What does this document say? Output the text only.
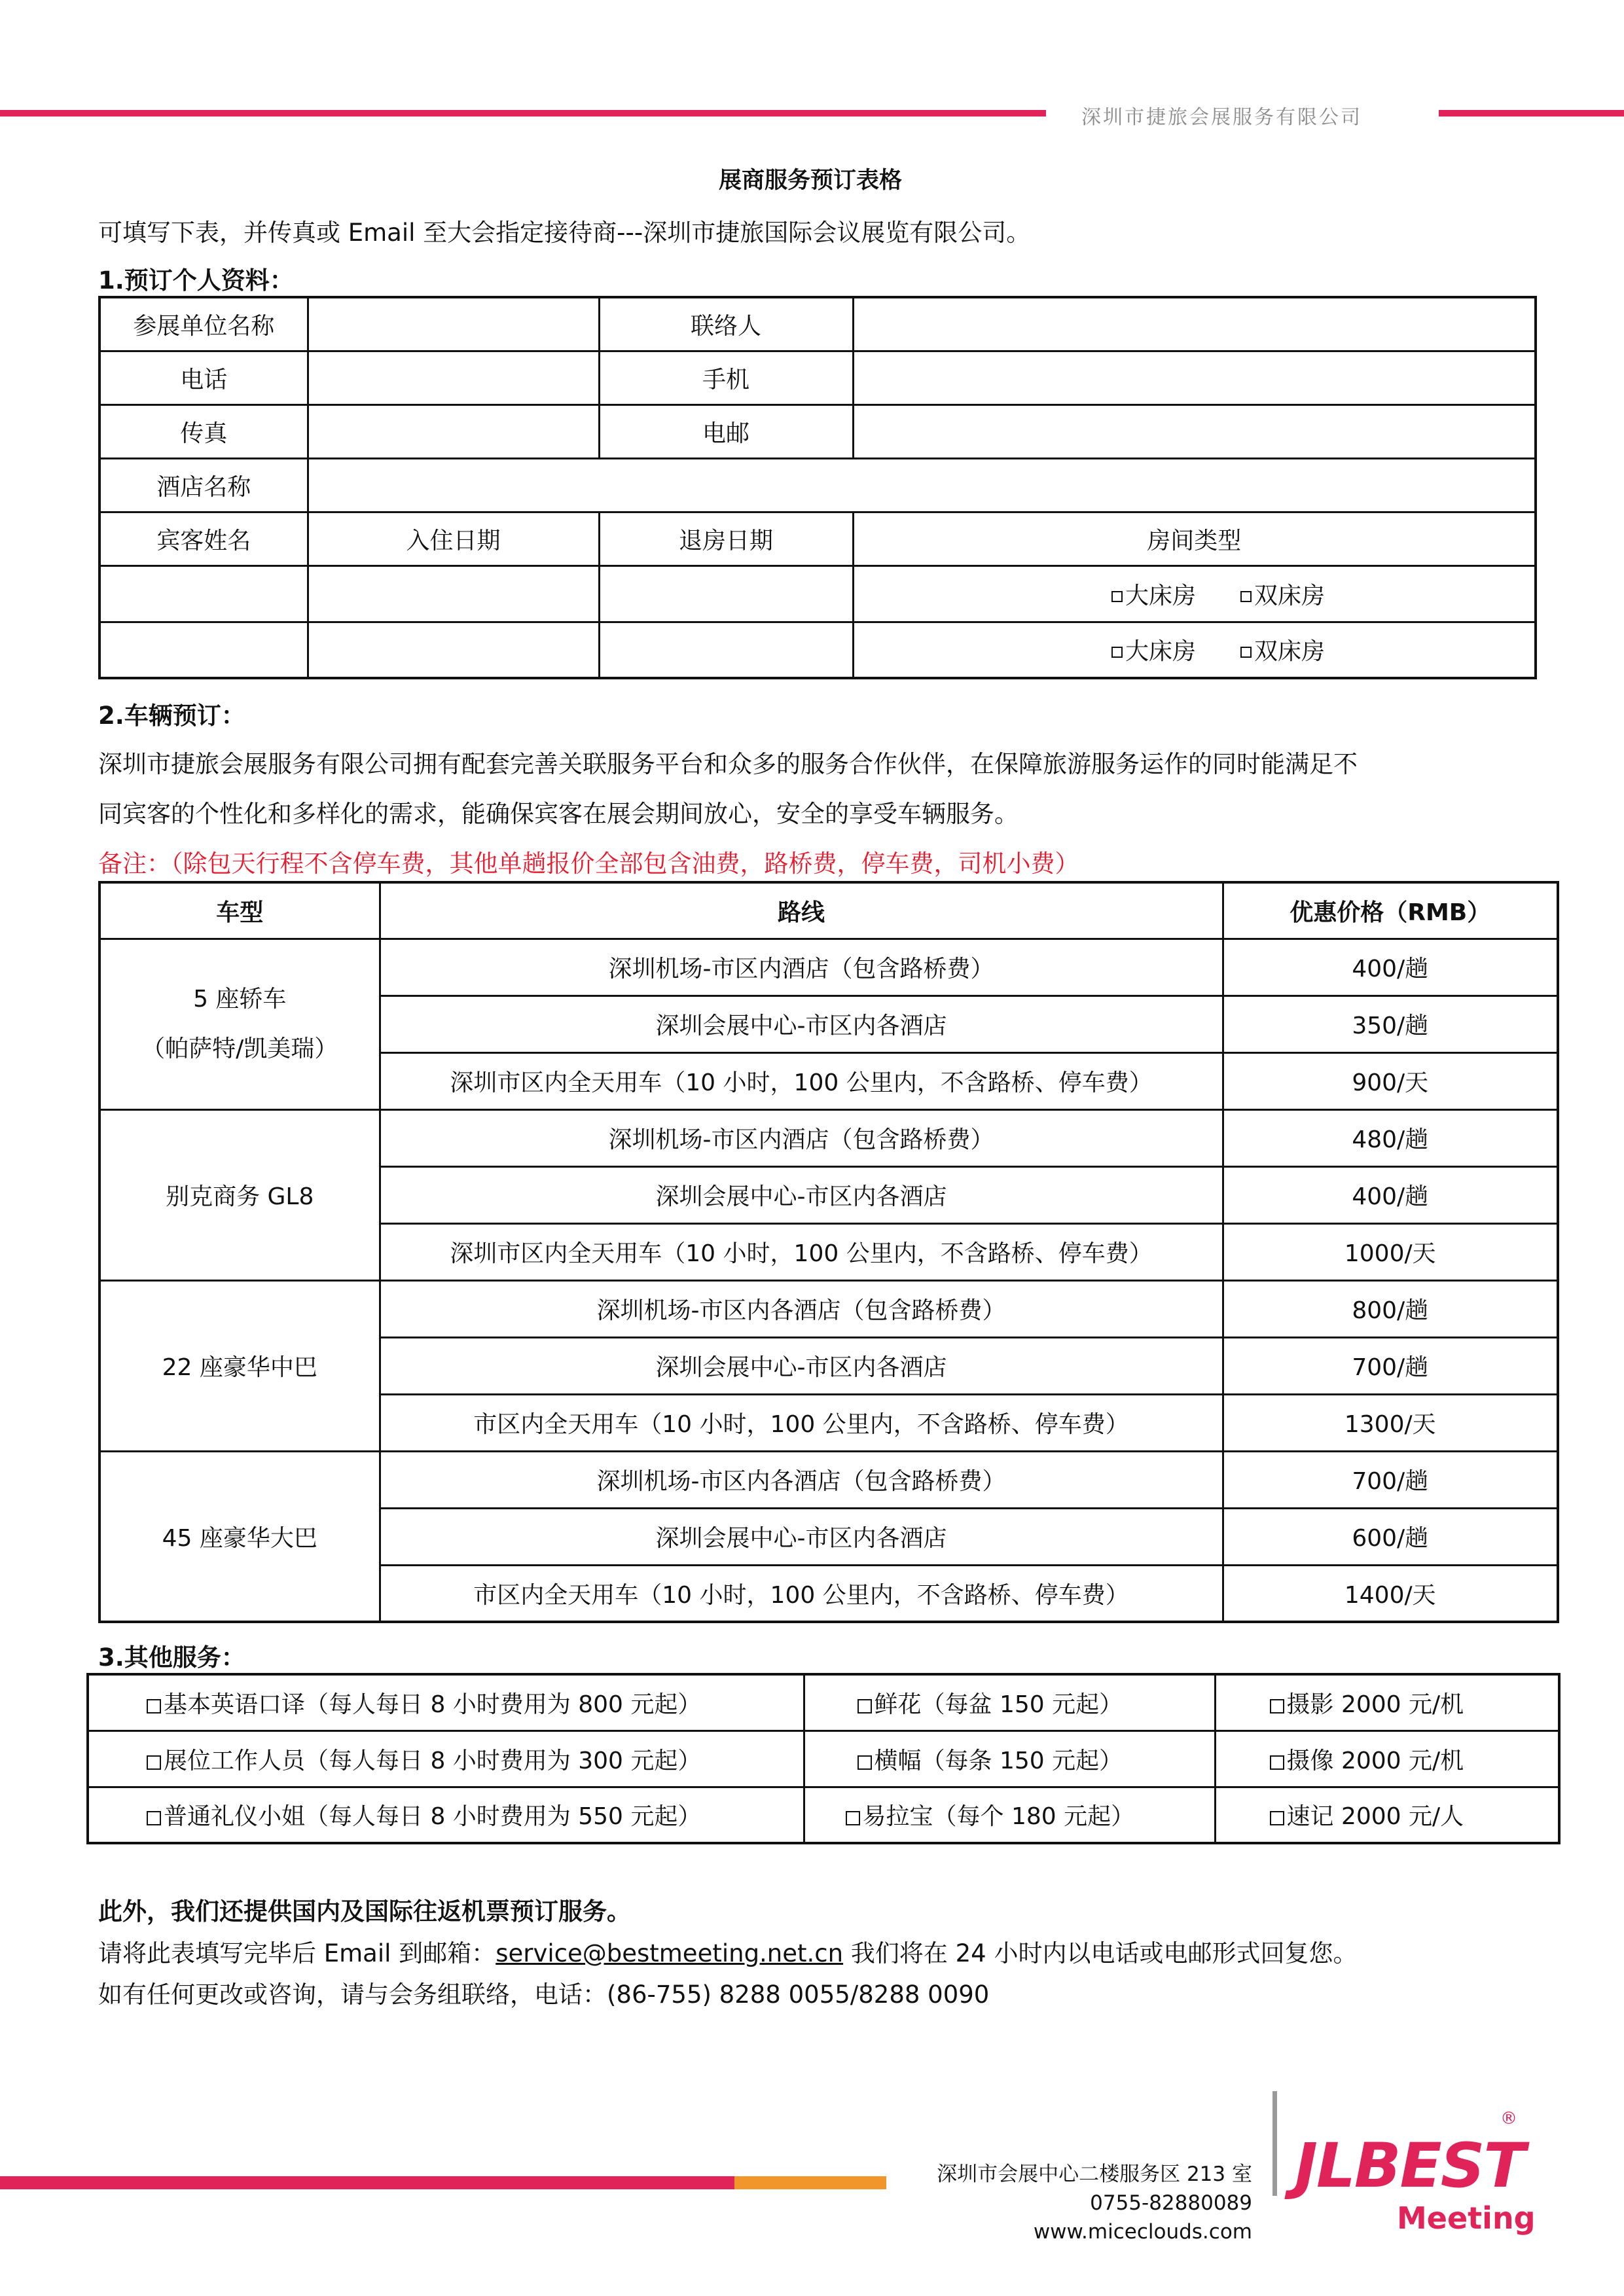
深圳市捷旅会展服务有限公司
展商服务预订表格
可填写下表，并传真或 Email 至大会指定接待商---深圳市捷旅国际会议展览有限公司。
1.预订个人资料：
参展单位名称		联络人	
电话		手机	
传真		电邮	
酒店名称			
宾客姓名	入住日期	退房日期	房间类型
			大床房 双床房
			大床房 双床房
2.车辆预订：
深圳市捷旅会展服务有限公司拥有配套完善关联服务平台和众多的服务合作伙伴，在保障旅游服务运作的同时能满足不
同宾客的个性化和多样化的需求，能确保宾客在展会期间放心，安全的享受车辆服务。
备注：（除包天行程不含停车费，其他单趟报价全部包含油费，路桥费，停车费，司机小费）
车型	路线	优惠价格（RMB）

5 座轿车
（帕萨特/凯美瑞）	深圳机场-市区内酒店（包含路桥费）	400/趟
	深圳会展中心-市区内各酒店	350/趟
	深圳市区内全天用车（10 小时，100 公里内，不含路桥、停车费）	900/天
别克商务 GL8	深圳机场-市区内酒店（包含路桥费）	480/趟
	深圳会展中心-市区内各酒店	400/趟
	深圳市区内全天用车（10 小时，100 公里内，不含路桥、停车费）	1000/天
22 座豪华中巴	深圳机场-市区内各酒店（包含路桥费）	800/趟
	深圳会展中心-市区内各酒店	700/趟
	市区内全天用车（10 小时，100 公里内，不含路桥、停车费）	1300/天
45 座豪华大巴	深圳机场-市区内各酒店（包含路桥费）	700/趟
	深圳会展中心-市区内各酒店	600/趟
	市区内全天用车（10 小时，100 公里内，不含路桥、停车费）	1400/天
3.其他服务：
基本英语口译（每人每日 8 小时费用为 800 元起）	鲜花（每盆 150 元起）	摄影 2000 元/机
展位工作人员（每人每日 8 小时费用为 300 元起）	横幅（每条 150 元起）	摄像 2000 元/机
普通礼仪小姐（每人每日 8 小时费用为 550 元起）	易拉宝（每个 180 元起）	速记 2000 元/人
此外，我们还提供国内及国际往返机票预订服务。
请将此表填写完毕后 Email 到邮箱：service@bestmeeting.net.cn 我们将在 24 小时内以电话或电邮形式回复您。
如有任何更改或咨询，请与会务组联络，电话：(86-755) 8288 0055/8288 0090
深圳市会展中心二楼服务区 213 室
0755-82880089
www.miceclouds.com
JLBEST
Meeting
®
